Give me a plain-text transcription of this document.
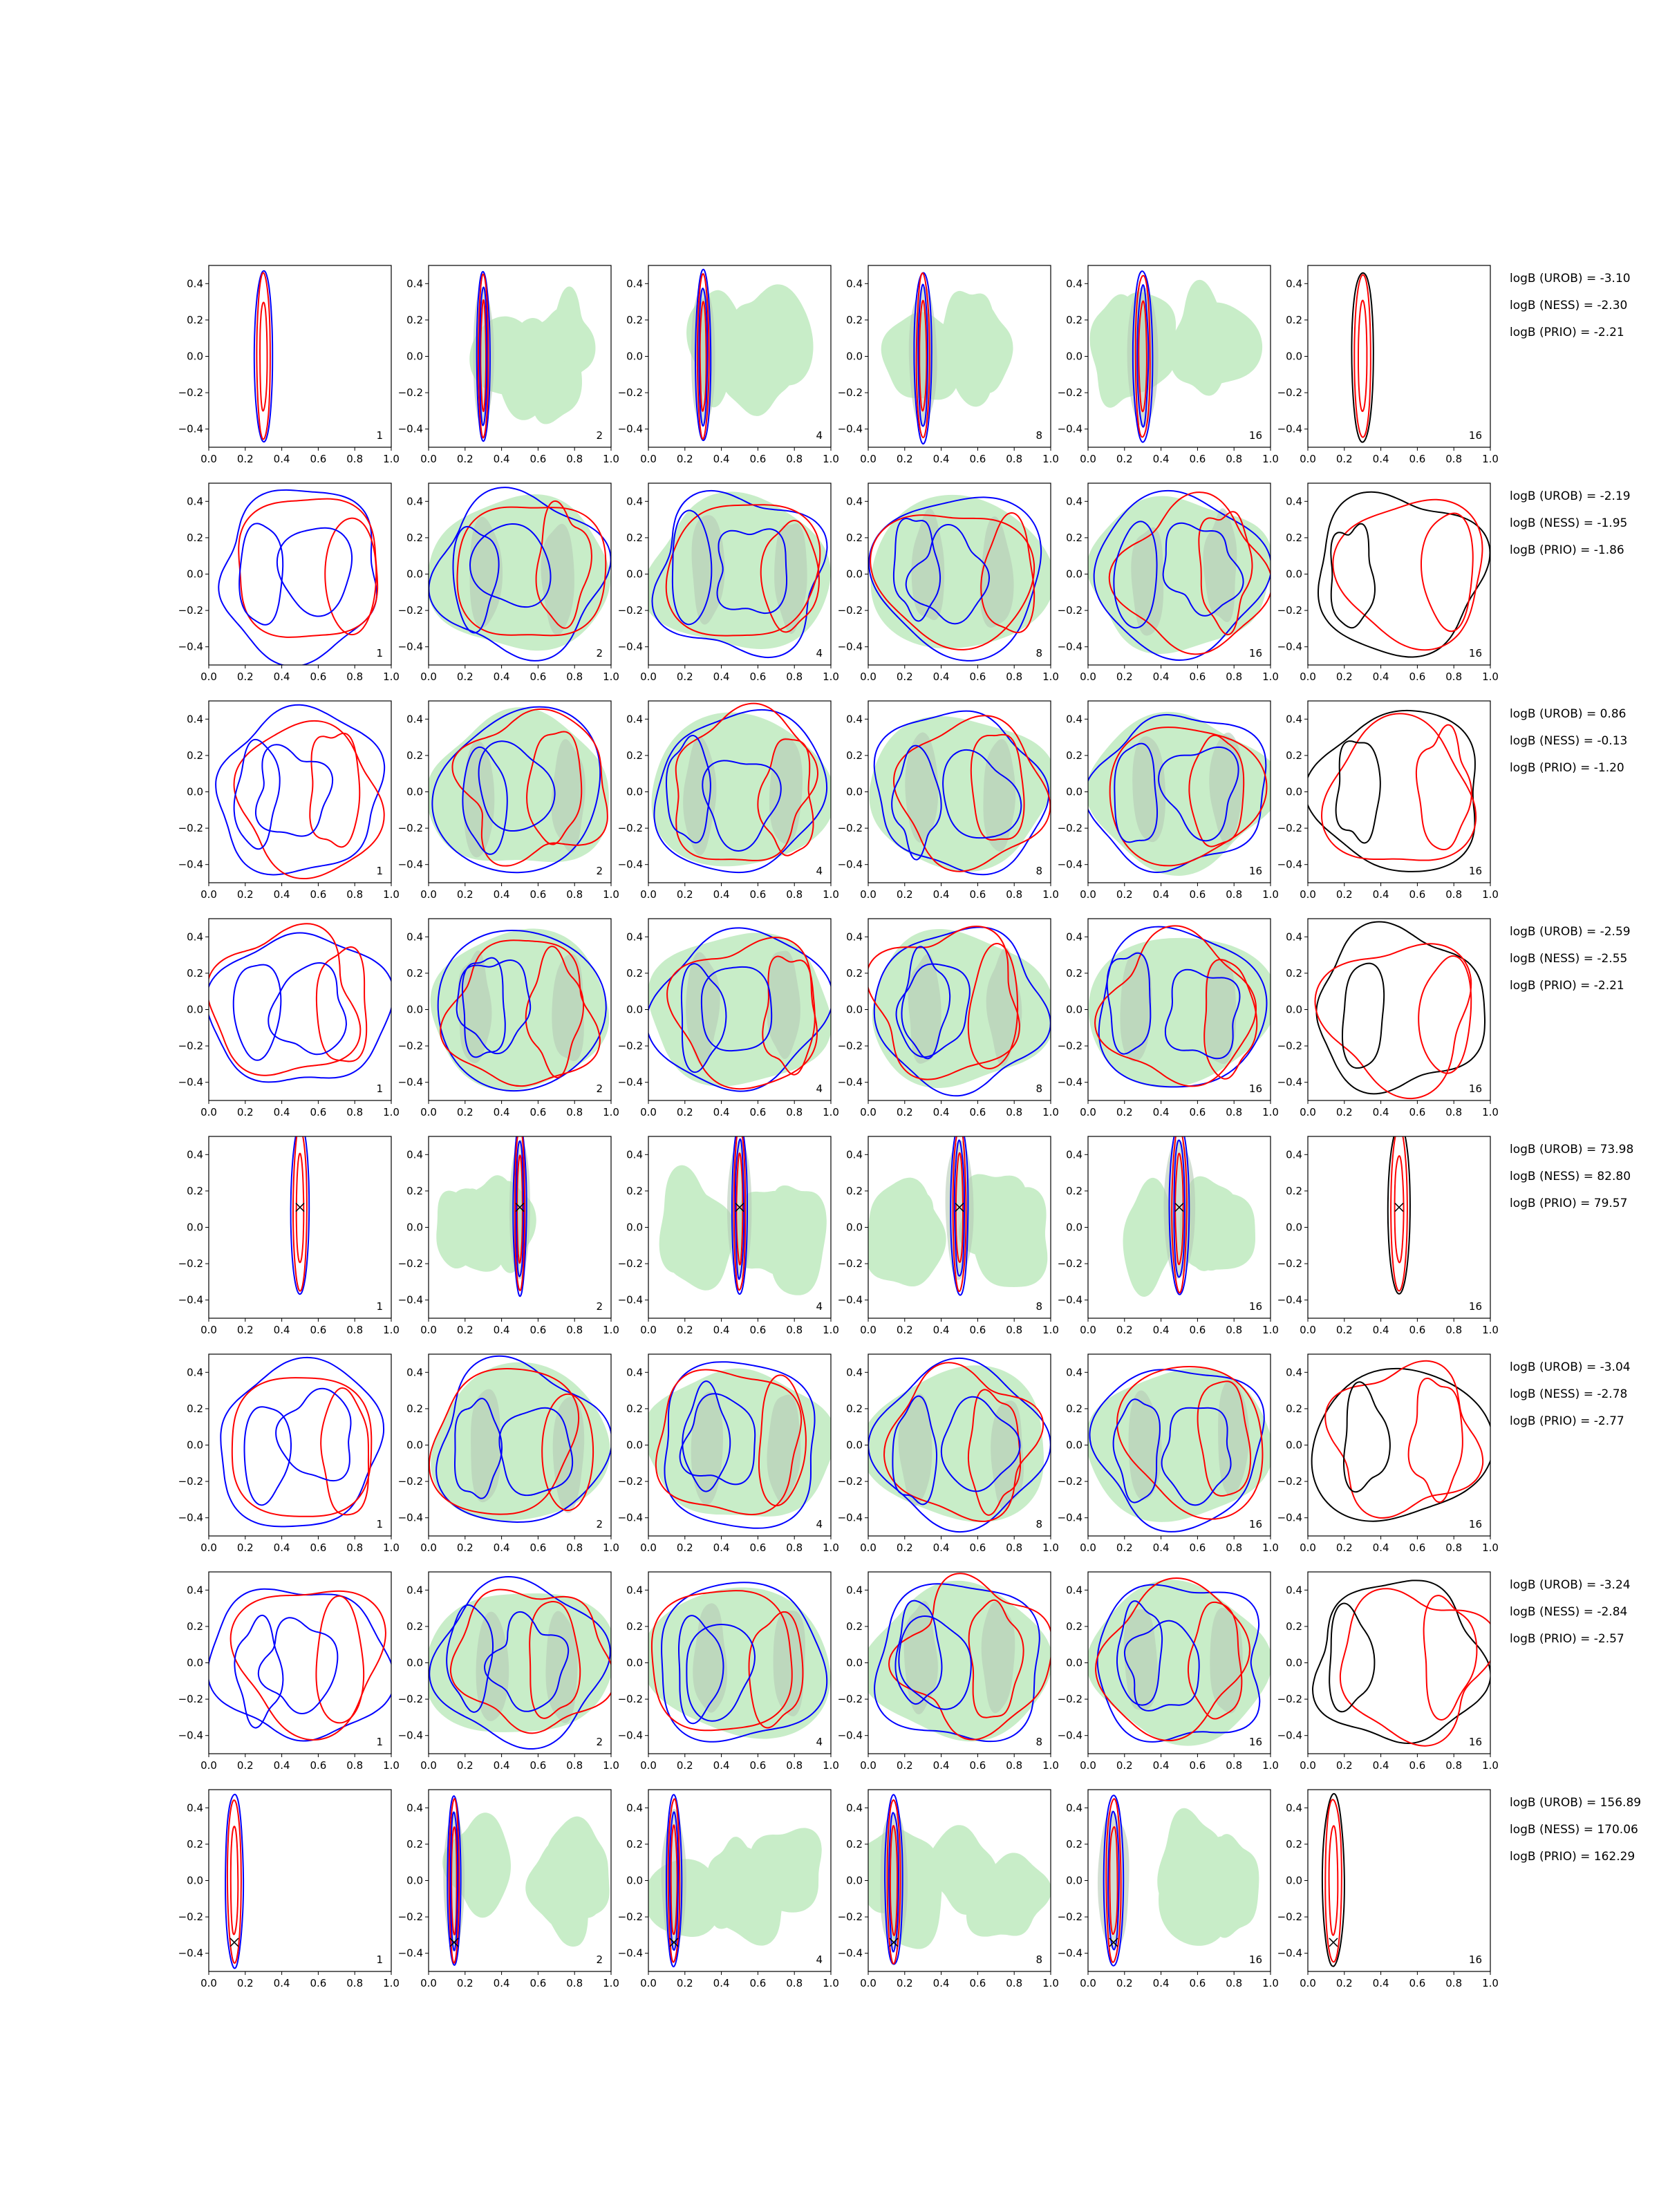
0.0 0.2 0.4 0.6 0.8 1.0
0.4
0.2
0.0
−0.2
−0.4
1
0.0 0.2 0.4 0.6 0.8 1.0
0.4
0.2
0.0
−0.2
−0.4
2
0.0 0.2 0.4 0.6 0.8 1.0
0.4
0.2
0.0
−0.2
−0.4
4
0.0 0.2 0.4 0.6 0.8 1.0
0.4
0.2
0.0
−0.2
−0.4
8
0.0 0.2 0.4 0.6 0.8 1.0
0.4
0.2
0.0
−0.2
−0.4
16
0.0 0.2 0.4 0.6 0.8 1.0
0.4
0.2
0.0
−0.2
−0.4
16
logB (UROB) = -3.10
logB (NESS) = -2.30
logB (PRIO) = -2.21
0.0 0.2 0.4 0.6 0.8 1.0
0.4
0.2
0.0
−0.2
−0.4
1
0.0 0.2 0.4 0.6 0.8 1.0
0.4
0.2
0.0
−0.2
−0.4
2
0.0 0.2 0.4 0.6 0.8 1.0
0.4
0.2
0.0
−0.2
−0.4
4
0.0 0.2 0.4 0.6 0.8 1.0
0.4
0.2
0.0
−0.2
−0.4
8
0.0 0.2 0.4 0.6 0.8 1.0
0.4
0.2
0.0
−0.2
−0.4
16
0.0 0.2 0.4 0.6 0.8 1.0
0.4
0.2
0.0
−0.2
−0.4
16
logB (UROB) = -2.19
logB (NESS) = -1.95
logB (PRIO) = -1.86
0.0 0.2 0.4 0.6 0.8 1.0
0.4
0.2
0.0
−0.2
−0.4
1
0.0 0.2 0.4 0.6 0.8 1.0
0.4
0.2
0.0
−0.2
−0.4
2
0.0 0.2 0.4 0.6 0.8 1.0
0.4
0.2
0.0
−0.2
−0.4
4
0.0 0.2 0.4 0.6 0.8 1.0
0.4
0.2
0.0
−0.2
−0.4
8
0.0 0.2 0.4 0.6 0.8 1.0
0.4
0.2
0.0
−0.2
−0.4
16
0.0 0.2 0.4 0.6 0.8 1.0
0.4
0.2
0.0
−0.2
−0.4
16
logB (UROB) = 0.86
logB (NESS) = -0.13
logB (PRIO) = -1.20
0.0 0.2 0.4 0.6 0.8 1.0
0.4
0.2
0.0
−0.2
−0.4
1
0.0 0.2 0.4 0.6 0.8 1.0
0.4
0.2
0.0
−0.2
−0.4
2
0.0 0.2 0.4 0.6 0.8 1.0
0.4
0.2
0.0
−0.2
−0.4
4
0.0 0.2 0.4 0.6 0.8 1.0
0.4
0.2
0.0
−0.2
−0.4
8
0.0 0.2 0.4 0.6 0.8 1.0
0.4
0.2
0.0
−0.2
−0.4
16
0.0 0.2 0.4 0.6 0.8 1.0
0.4
0.2
0.0
−0.2
−0.4
16
logB (UROB) = -2.59
logB (NESS) = -2.55
logB (PRIO) = -2.21
0.0 0.2 0.4 0.6 0.8 1.0
0.4
0.2
0.0
−0.2
−0.4
1
0.0 0.2 0.4 0.6 0.8 1.0
0.4
0.2
0.0
−0.2
−0.4
2
0.0 0.2 0.4 0.6 0.8 1.0
0.4
0.2
0.0
−0.2
−0.4
4
0.0 0.2 0.4 0.6 0.8 1.0
0.4
0.2
0.0
−0.2
−0.4
8
0.0 0.2 0.4 0.6 0.8 1.0
0.4
0.2
0.0
−0.2
−0.4
16
0.0 0.2 0.4 0.6 0.8 1.0
0.4
0.2
0.0
−0.2
−0.4
16
logB (UROB) = 73.98
logB (NESS) = 82.80
logB (PRIO) = 79.57
0.0 0.2 0.4 0.6 0.8 1.0
0.4
0.2
0.0
−0.2
−0.4
1
0.0 0.2 0.4 0.6 0.8 1.0
0.4
0.2
0.0
−0.2
−0.4
2
0.0 0.2 0.4 0.6 0.8 1.0
0.4
0.2
0.0
−0.2
−0.4
4
0.0 0.2 0.4 0.6 0.8 1.0
0.4
0.2
0.0
−0.2
−0.4
8
0.0 0.2 0.4 0.6 0.8 1.0
0.4
0.2
0.0
−0.2
−0.4
16
0.0 0.2 0.4 0.6 0.8 1.0
0.4
0.2
0.0
−0.2
−0.4
16
logB (UROB) = -3.04
logB (NESS) = -2.78
logB (PRIO) = -2.77
0.0 0.2 0.4 0.6 0.8 1.0
0.4
0.2
0.0
−0.2
−0.4
1
0.0 0.2 0.4 0.6 0.8 1.0
0.4
0.2
0.0
−0.2
−0.4
2
0.0 0.2 0.4 0.6 0.8 1.0
0.4
0.2
0.0
−0.2
−0.4
4
0.0 0.2 0.4 0.6 0.8 1.0
0.4
0.2
0.0
−0.2
−0.4
8
0.0 0.2 0.4 0.6 0.8 1.0
0.4
0.2
0.0
−0.2
−0.4
16
0.0 0.2 0.4 0.6 0.8 1.0
0.4
0.2
0.0
−0.2
−0.4
16
logB (UROB) = -3.24
logB (NESS) = -2.84
logB (PRIO) = -2.57
0.0 0.2 0.4 0.6 0.8 1.0
0.4
0.2
0.0
−0.2
−0.4
1
0.0 0.2 0.4 0.6 0.8 1.0
0.4
0.2
0.0
−0.2
−0.4
2
0.0 0.2 0.4 0.6 0.8 1.0
0.4
0.2
0.0
−0.2
−0.4
4
0.0 0.2 0.4 0.6 0.8 1.0
0.4
0.2
0.0
−0.2
−0.4
8
0.0 0.2 0.4 0.6 0.8 1.0
0.4
0.2
0.0
−0.2
−0.4
16
0.0 0.2 0.4 0.6 0.8 1.0
0.4
0.2
0.0
−0.2
−0.4
16
logB (UROB) = 156.89
logB (NESS) = 170.06
logB (PRIO) = 162.29
